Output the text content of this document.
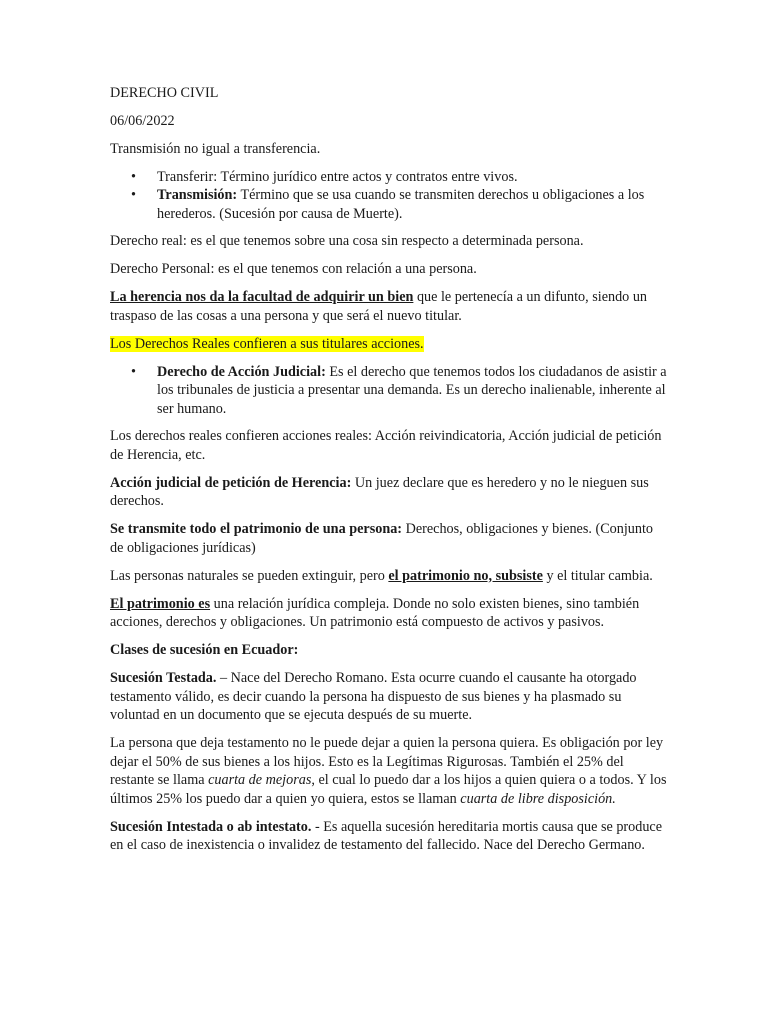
DERECHO CIVIL

06/06/2022

Transmisión no igual a transferencia.

• Transferir: Término jurídico entre actos y contratos entre vivos.
• Transmisión: Término que se usa cuando se transmiten derechos u obligaciones a los herederos. (Sucesión por causa de Muerte).

Derecho real: es el que tenemos sobre una cosa sin respecto a determinada persona.

Derecho Personal: es el que tenemos con relación a una persona.

La herencia nos da la facultad de adquirir un bien que le pertenecía a un difunto, siendo un traspaso de las cosas a una persona y que será el nuevo titular.

Los Derechos Reales confieren a sus titulares acciones.

• Derecho de Acción Judicial: Es el derecho que tenemos todos los ciudadanos de asistir a los tribunales de justicia a presentar una demanda. Es un derecho inalienable, inherente al ser humano.

Los derechos reales confieren acciones reales: Acción reivindicatoria, Acción judicial de petición de Herencia, etc.

Acción judicial de petición de Herencia: Un juez declare que es heredero y no le nieguen sus derechos.

Se transmite todo el patrimonio de una persona: Derechos, obligaciones y bienes. (Conjunto de obligaciones jurídicas)

Las personas naturales se pueden extinguir, pero el patrimonio no, subsiste y el titular cambia.

El patrimonio es una relación jurídica compleja. Donde no solo existen bienes, sino también acciones, derechos y obligaciones. Un patrimonio está compuesto de activos y pasivos.

Clases de sucesión en Ecuador:

Sucesión Testada. – Nace del Derecho Romano. Esta ocurre cuando el causante ha otorgado testamento válido, es decir cuando la persona ha dispuesto de sus bienes y ha plasmado su voluntad en un documento que se ejecuta después de su muerte.

La persona que deja testamento no le puede dejar a quien la persona quiera. Es obligación por ley dejar el 50% de sus bienes a los hijos. Esto es la Legítimas Rigurosas. También el 25% del restante se llama cuarta de mejoras, el cual lo puedo dar a los hijos a quien quiera o a todos. Y los últimos 25% los puedo dar a quien yo quiera, estos se llaman cuarta de libre disposición.

Sucesión Intestada o ab intestato. - Es aquella sucesión hereditaria mortis causa que se produce en el caso de inexistencia o invalidez de testamento del fallecido. Nace del Derecho Germano.
